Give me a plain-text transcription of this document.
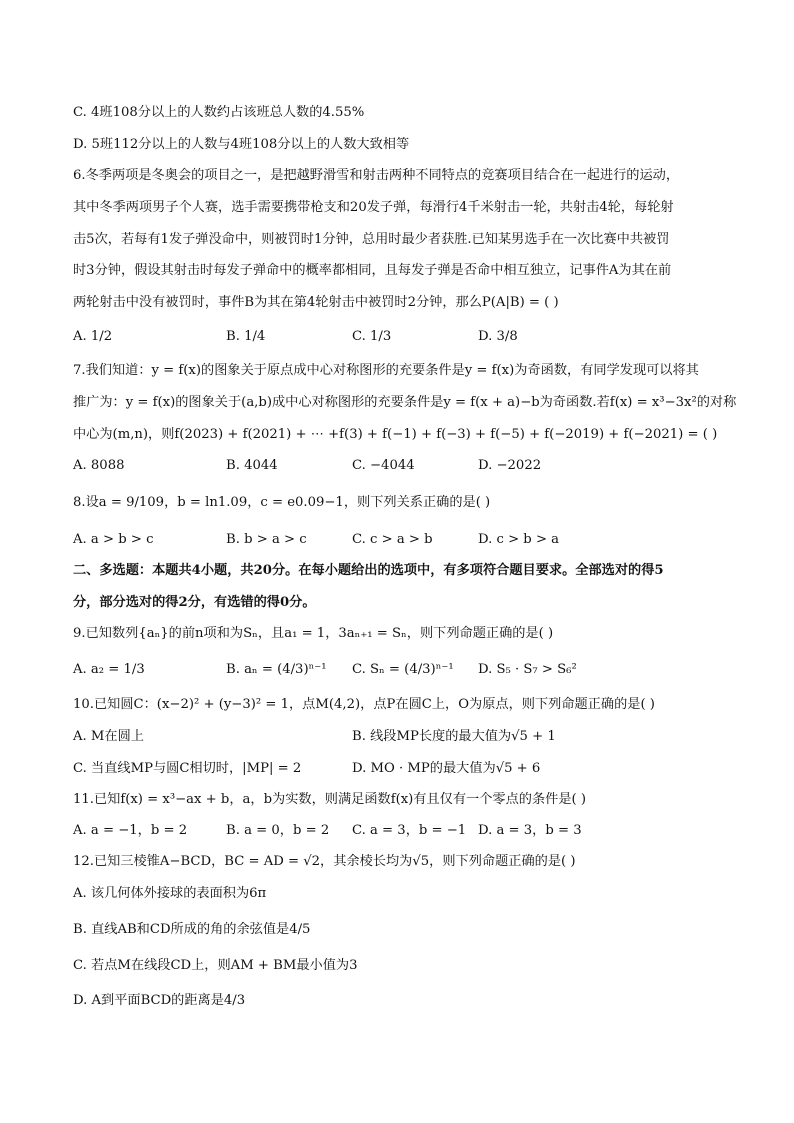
C. 4班108分以上的人数约占该班总人数的4.55%
D. 5班112分以上的人数与4班108分以上的人数大致相等
6.冬季两项是冬奥会的项目之一，是把越野滑雪和射击两种不同特点的竞赛项目结合在一起进行的运动，
其中冬季两项男子个人赛，选手需要携带枪支和20发子弹，每滑行4千米射击一轮，共射击4轮，每轮射
击5次，若每有1发子弹没命中，则被罚时1分钟，总用时最少者获胜.已知某男选手在一次比赛中共被罚
时3分钟，假设其射击时每发子弹命中的概率都相同，且每发子弹是否命中相互独立，记事件A为其在前
两轮射击中没有被罚时，事件B为其在第4轮射击中被罚时2分钟，那么P(A|B) = ( )
A. 1/2	B. 1/4	C. 1/3	D. 3/8
7.我们知道：y = f(x)的图象关于原点成中心对称图形的充要条件是y = f(x)为奇函数，有同学发现可以将其
推广为：y = f(x)的图象关于(a,b)成中心对称图形的充要条件是y = f(x + a)−b为奇函数.若f(x) = x³−3x²的对称
中心为(m,n)，则f(2023) + f(2021) + ⋯ +f(3) + f(−1) + f(−3) + f(−5) + f(−2019) + f(−2021) = ( )
A. 8088	B. 4044	C. −4044	D. −2022
8.设a = 9/109，b = ln1.09，c = e0.09−1，则下列关系正确的是( )
A. a > b > c	B. b > a > c	C. c > a > b	D. c > b > a
二、多选题：本题共4小题，共20分。在每小题给出的选项中，有多项符合题目要求。全部选对的得5
分，部分选对的得2分，有选错的得0分。
9.已知数列{aₙ}的前n项和为Sₙ，且a₁ = 1，3aₙ₊₁ = Sₙ，则下列命题正确的是( )
A. a₂ = 1/3	B. aₙ = (4/3)ⁿ⁻¹ C. Sₙ = (4/3)ⁿ⁻¹ D. S₅ · S₇ > S₆²
10.已知圆C：(x−2)² + (y−3)² = 1，点M(4,2)，点P在圆C上，O为原点，则下列命题正确的是( )
A. M在圆上	B. 线段MP长度的最大值为√5 + 1
C. 当直线MP与圆C相切时，|MP| = 2	D. MO · MP的最大值为√5 + 6
11.已知f(x) = x³−ax + b，a，b为实数，则满足函数f(x)有且仅有一个零点的条件是( )
A. a = −1，b = 2	B. a = 0，b = 2 C. a = 3，b = −1 D. a = 3，b = 3
12.已知三棱锥A−BCD，BC = AD = √2，其余棱长均为√5，则下列命题正确的是( )
A. 该几何体外接球的表面积为6π
B. 直线AB和CD所成的角的余弦值是4/5
C. 若点M在线段CD上，则AM + BM最小值为3
D. A到平面BCD的距离是4/3
